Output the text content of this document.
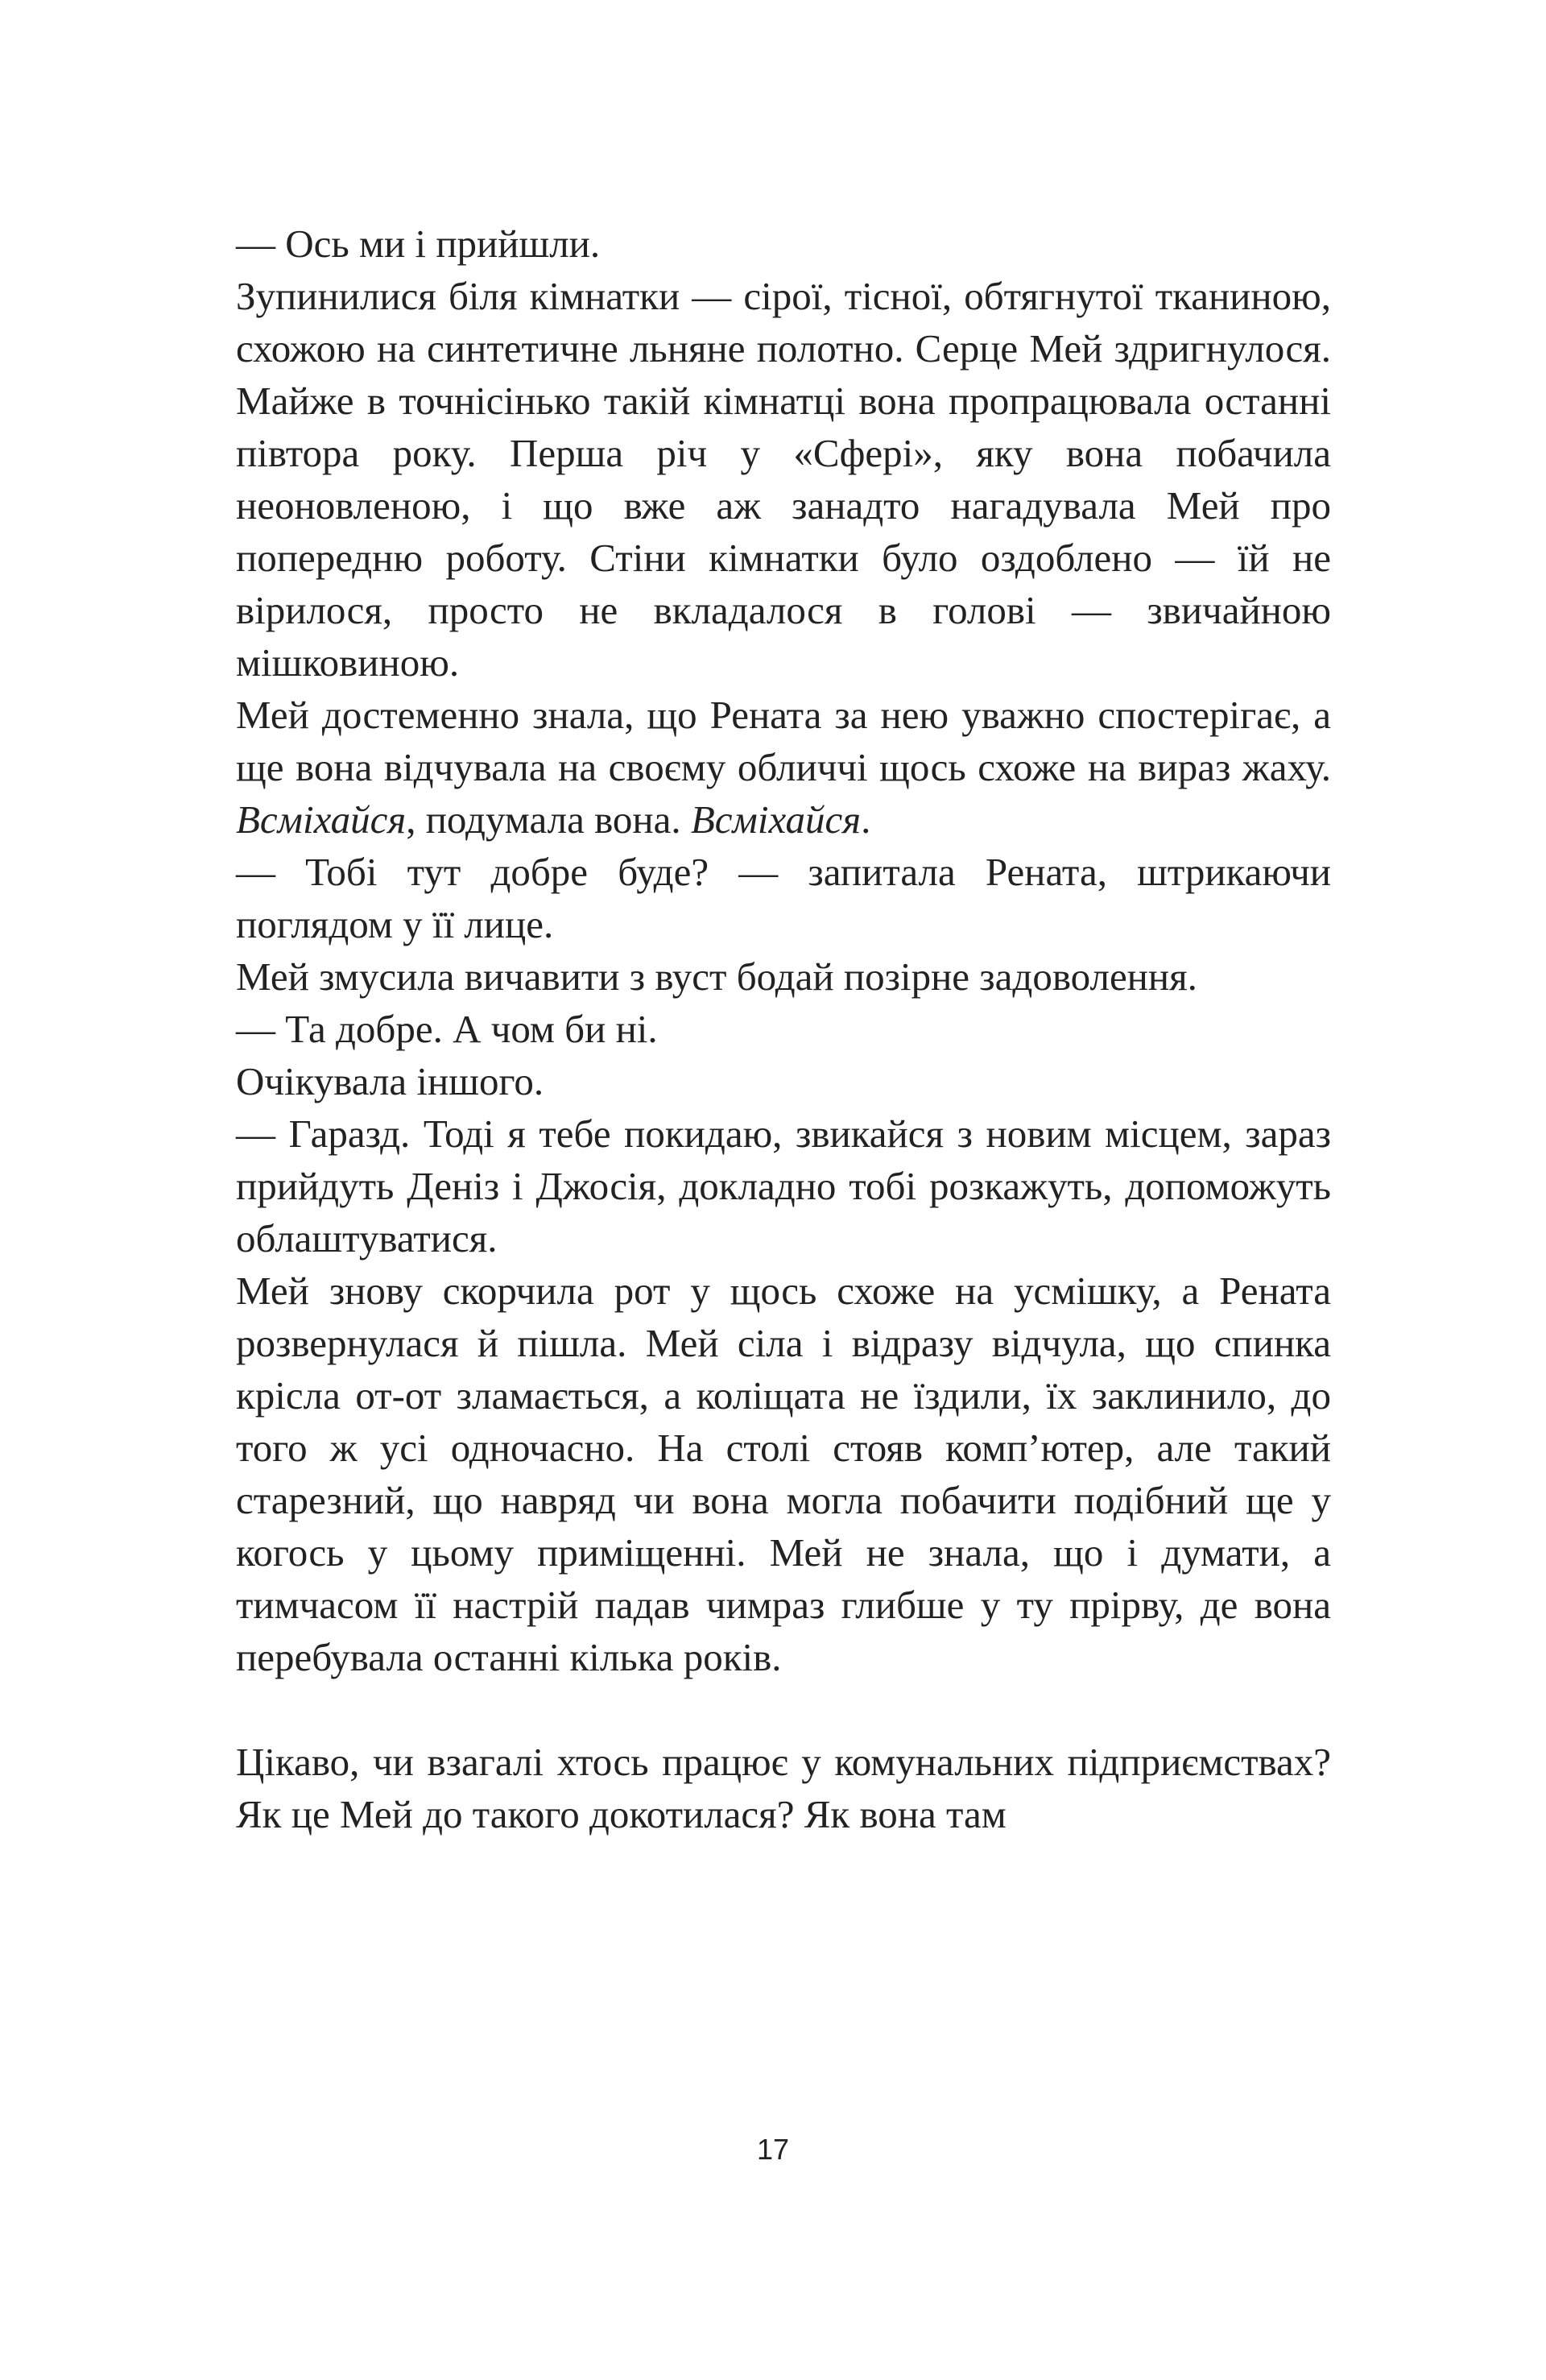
— Ось ми і прийшли.

Зупинилися біля кімнатки — сірої, тісної, обтягнутої тканиною, схожою на синтетичне льняне полотно. Серце Мей здригнулося. Майже в точнісінько такій кімнатці вона пропрацювала останні півтора року. Перша річ у «Сфері», яку вона побачила неоновленою, і що вже аж занадто нагадувала Мей про попередню роботу. Стіни кімнатки було оздоблено — їй не вірилося, просто не вкладалося в голові — звичайною мішковиною.

Мей достеменно знала, що Рената за нею уважно спостерігає, а ще вона відчувала на своєму обличчі щось схоже на вираз жаху. Всміхайся, подумала вона. Всміхайся.

— Тобі тут добре буде? — запитала Рената, штрикаючи поглядом у її лице.

Мей змусила вичавити з вуст бодай позірне задоволення.

— Та добре. А чом би ні.

Очікувала іншого.

— Гаразд. Тоді я тебе покидаю, звикайся з новим місцем, зараз прийдуть Деніз і Джосія, докладно тобі розкажуть, допоможуть облаштуватися.

Мей знову скорчила рот у щось схоже на усмішку, а Рената розвернулася й пішла. Мей сіла і відразу відчула, що спинка крісла от-от зламається, а коліщата не їздили, їх заклинило, до того ж усі одночасно. На столі стояв комп’ютер, але такий старезний, що навряд чи вона могла побачити подібний ще у когось у цьому приміщенні. Мей не знала, що і думати, а тимчасом її настрій падав чимраз глибше у ту прірву, де вона перебувала останні кілька років.

Цікаво, чи взагалі хтось працює у комунальних підприємствах? Як це Мей до такого докотилася? Як вона там

17
